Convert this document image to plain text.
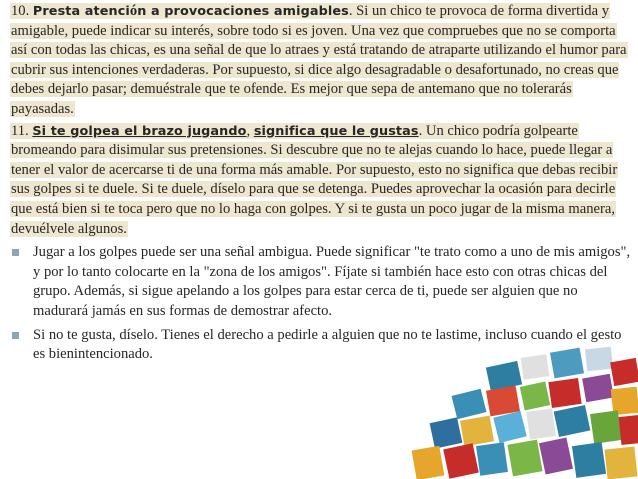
10. Presta atención a provocaciones amigables. Si un chico te provoca de forma divertida y amigable, puede indicar su interés, sobre todo si es joven. Una vez que compruebes que no se comporta así con todas las chicas, es una señal de que lo atraes y está tratando de atraparte utilizando el humor para cubrir sus intenciones verdaderas. Por supuesto, si dice algo desagradable o desafortunado, no creas que debes dejarlo pasar; demuéstrale que te ofende. Es mejor que sepa de antemano que no tolerarás payasadas.

11. Si te golpea el brazo jugando, significa que le gustas. Un chico podría golpearte bromeando para disimular sus pretensiones. Si descubre que no te alejas cuando lo hace, puede llegar a tener el valor de acercarse ti de una forma más amable. Por supuesto, esto no significa que debas recibir sus golpes si te duele. Si te duele, díselo para que se detenga. Puedes aprovechar la ocasión para decirle que está bien si te toca pero que no lo haga con golpes. Y si te gusta un poco jugar de la misma manera, devuélvele algunos.

Jugar a los golpes puede ser una señal ambigua. Puede significar "te trato como a uno de mis amigos", y por lo tanto colocarte en la "zona de los amigos". Fíjate si también hace esto con otras chicas del grupo. Además, si sigue apelando a los golpes para estar cerca de ti, puede ser alguien que no madurará jamás en sus formas de demostrar afecto.
Si no te gusta, díselo. Tienes el derecho a pedirle a alguien que no te lastime, incluso cuando el gesto es bienintencionado.
